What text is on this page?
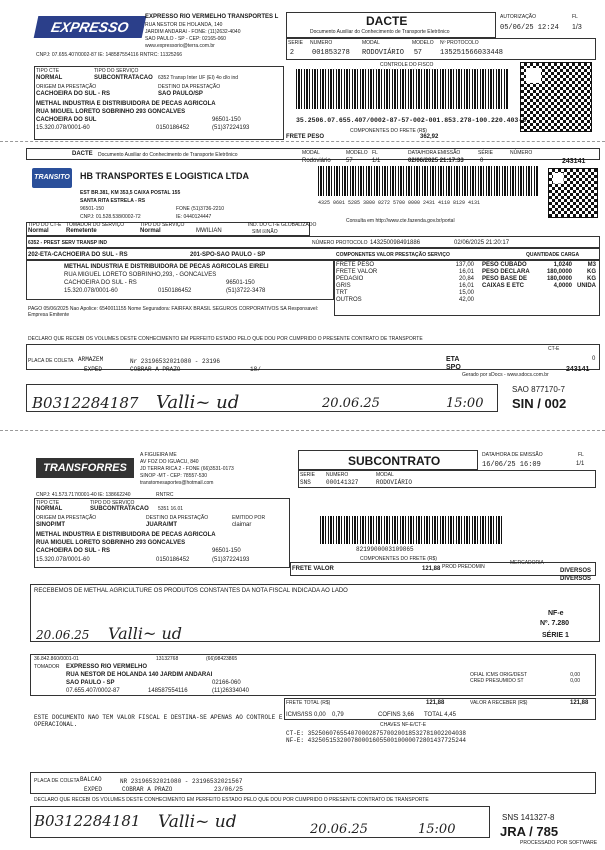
EXPRESSO
EXPRESSO RIO VERMELHO TRANSPORTES L
RUA NESTOR DE HOLANDA, 140
JARDIM ANDARAI - FONE: (11)2632-4040
SAO PAULO - SP - CEP: 02165-060
www.expressorio@terra.com.br
CNPJ: 07.655.407/0002-87 IE: 148587554116 RNTRC: 11325266
DACTE
Documento Auxiliar do Conhecimento de Transporte Eletrônico
AUTORIZAÇÃO
05/06/25 12:24
FL
1/3
SERIE
2
NUMERO
001853278
MODAL
RODOVIÁRIO
MODELO
57
Nº PROTOCOLO
135251566033448
CONTROLE DO FISCO
35.2506.07.655.407/0002-87-57-002-001.853.278-100.220.403-8
TIPO CTE
NORMAL
TIPO DO SERVIÇO
SUBCONTRATACAO 6352 Transp Inter UF (EI) 4o d/o ind
ORIGEM DA PRESTAÇÃO
CACHOEIRA DO SUL - RS
DESTINO DA PRESTAÇÃO
SAO PAULO/SP
METHAL INDUSTRIA E DISTRIBUIDORA DE PECAS AGRICOLA
RUA MIGUEL LORETO SOBRINHO 293 GONCALVES
CACHOEIRA DO SUL	96501-150
15.320.078/0001-60	0150186452	(51)37224193	COMPONENTES DO FRETE (R$)
FRETE PESO	362,92
DACTE Documento Auxiliar do Conhecimento de Transporte Eletrônico	MODAL
Rodoviário
MODELO
57
FL
1/1
DATA/HORA EMISSÃO
02/06/2025 21:17:33
SÉRIE
0
NÚMERO
243141
TRANSITO HB TRANSPORTES E LOGISTICA LTDA
EST BR.381, KM 353,5 CAIXA POSTAL 155
SANTA RITA ESTRELA - RS
96501-150	FONE (51)3736-2210
CNPJ: 01.528.538/0002-72	IE: 0440124447
4325 0601 5285 3800 0272 5700 0000 2431 4110 8129 4131
Consulta em http://www.cte.fazenda.gov.br/portal
TIPO DO CT-E
Normal
TOMADOR DO SERVIÇO
Remetente
TIPO DO SERVIÇO
Normal	MWILIAN
IND. DO CT-E GLOBALIZADO
SIM ☒NÃO
6352 - PREST SERV TRANSP IND	NÚMERO PROTOCOLO 143250098491886	02/06/2025 21:20:17
202-ETA-CACHOEIRA DO SUL - RS	201-SPO-SAO PAULO - SP	COMPONENTES VALOR PRESTAÇÃO SERVIÇO	QUANTIDADE CARGA
METHAL INDUSTRIA E DISTRIBUIDORA DE PECAS AGRICOLAS EIRELI
RUA MIGUEL LORETO SOBRINHO,293, - GONCALVES
CACHOEIRA DO SUL - RS	96501-150
15.320.078/0001-60	0150186452	(51)3722-3478
FRETE PESO	137,00
FRETE VALOR	16,01
PEDAGIO	20,84
GRIS	16,01
TRT	15,00
OUTROS	42,00
PESO CUBADO	1,0240	M3
PESO DECLARA	180,0000	KG
PESO BASE DE	180,0000	KG
CAIXAS E ETC	4,0000 UNIDA
PAGO 05/06/2025 Nao Apolice: 6540011155 Nome Seguradora: FAIRFAX BRASIL SEGUROS CORPORATIVOS SA Responsavel: Empresa Emitente
DECLARO QUE RECEBI OS VOLUMES DESTE CONHECIMENTO EM PERFEITO ESTADO PELO QUE DOU POR CUMPRIDO O PRESENTE CONTRATO DE TRANSPORTE
CT-E
ETA
SPO
0
243141
PLACA DE COLETA ARMAZEM	Nr 23196532021080 - 23196
EXPED	COBRAR A PRAZO	18/
Gerado por sDocs - www.sdocs.com.br
B0312284187 Valli~ ud	20.06.25	15:00
SAO 877170-7
SIN / 002
TRANSFORRES
A FIGUEIRA ME
AV FOZ DO IGUACU, 840
JD TERRA RICA 2 - FONE (66)3531-0173
SINOP -MT - CEP: 78557-530
transtomesaportes@hotmail.com
CNPJ: 41.573.717/0001-40 IE: 138662240	RNTRC
SUBCONTRATO	DATA/HORA DE EMISSÃO
16/06/25 16:09
FL
1/1
SERIE
SNS
NUMERO
000141327
MODAL
RODOVIÁRIO
TIPO CTE
NORMAL
TIPO DO SERVIÇO
SUBCONTRATACAO 5351 16.01
ORIGEM DA PRESTAÇÃO
SINOP/MT
DESTINO DA PRESTAÇÃO
JUARA/MT
EMITIDO POR
claimar
METHAL INDUSTRIA E DISTRIBUIDORA DE PECAS AGRICOLA
RUA MIGUEL LORETO SOBRINHO 293 GONCALVES
CACHOEIRA DO SUL - RS	96501-150
15.320.078/0001-60	0150186452	(51)37224193
8219900003109865
COMPONENTES DO FRETE (R$)
FRETE VALOR	121,88 PROD PREDOMIN
MERCADORIA
DIVERSOS
DIVERSOS
RECEBEMOS DE METHAL AGRICULTURE OS PRODUTOS CONSTANTES DA NOTA FISCAL INDICADA AO LADO
20.06.25 Valli~ ud
NF-e
Nº. 7.280
SÉRIE 1
36.842.860/0001-01	13132768	(66)98423865
TOMADOR EXPRESSO RIO VERMELHO
RUA NESTOR DE HOLANDA 140 JARDIM ANDARAI
SAO PAULO - SP	02166-060
07.655.407/0002-87	148587554116	(11)26334040
OFIAL ICMS ORIG/DEST	0,00
CRED PRESUMIDO ST	0,00
FRETE TOTAL (R$)	121,88	VALOR A RECEBER (R$)	121,88
ICMS/ISS 0,00	0,79	COFINS 3,66	TOTAL 4,45
ESTE DOCUMENTO NAO TEM VALOR FISCAL E DESTINA-SE APENAS AO CONTROLE E OPERACIONAL.	CHAVES NF-E/CT-E
CT-E: 35250607655407000287570020018532781002204038
NF-E: 43250515320078000160550010000072801437725244
PLACA DE COLETA BALCAO	NR 23196532021080 - 23196532021567
EXPED	COBRAR A PRAZO	23/06/25
DECLARO QUE RECEBI OS VOLUMES DESTE CONHECIMENTO EM PERFEITO ESTADO PELO QUE DOU POR CUMPRIDO O PRESENTE CONTRATO DE TRANSPORTE
B0312284181 Valli~ ud	20.06.25	15:00
SNS 141327-8
JRA / 785
PROCESSADO POR SOFTWARE
